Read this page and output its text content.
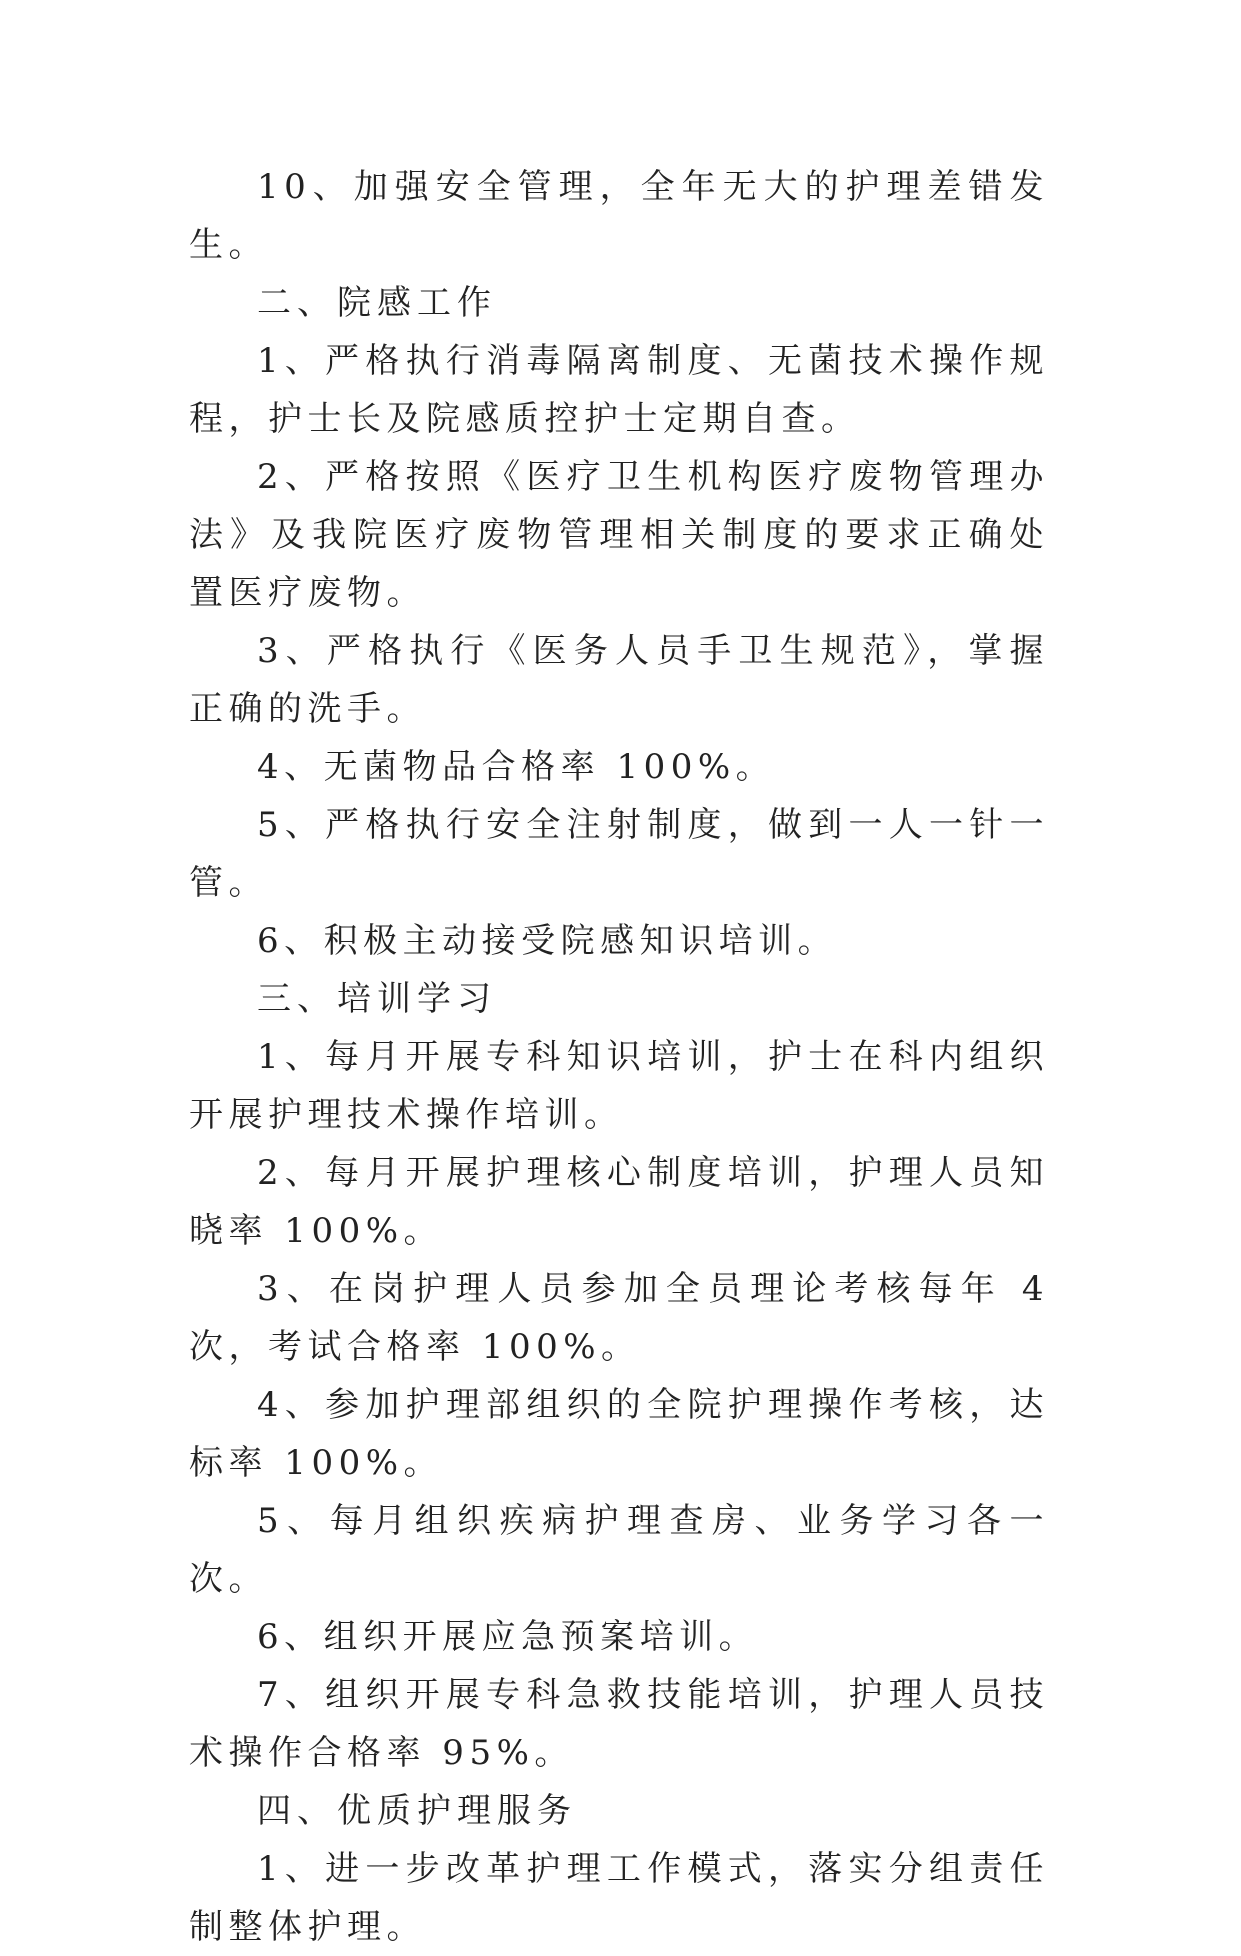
10、加强安全管理，全年无大的护理差错发生。

二、院感工作

1、严格执行消毒隔离制度、无菌技术操作规程，护士长及院感质控护士定期自查。

2、严格按照《医疗卫生机构医疗废物管理办法》及我院医疗废物管理相关制度的要求正确处置医疗废物。

3、严格执行《医务人员手卫生规范》，掌握正确的洗手。

4、无菌物品合格率 100%。

5、严格执行安全注射制度，做到一人一针一管。

6、积极主动接受院感知识培训。

三、培训学习

1、每月开展专科知识培训，护士在科内组织开展护理技术操作培训。

2、每月开展护理核心制度培训，护理人员知晓率 100%。

3、在岗护理人员参加全员理论考核每年 4 次，考试合格率 100%。

4、参加护理部组织的全院护理操作考核，达标率 100%。

5、每月组织疾病护理查房、业务学习各一次。

6、组织开展应急预案培训。

7、组织开展专科急救技能培训，护理人员技术操作合格率 95%。

四、优质护理服务

1、进一步改革护理工作模式，落实分组责任制整体护理。
